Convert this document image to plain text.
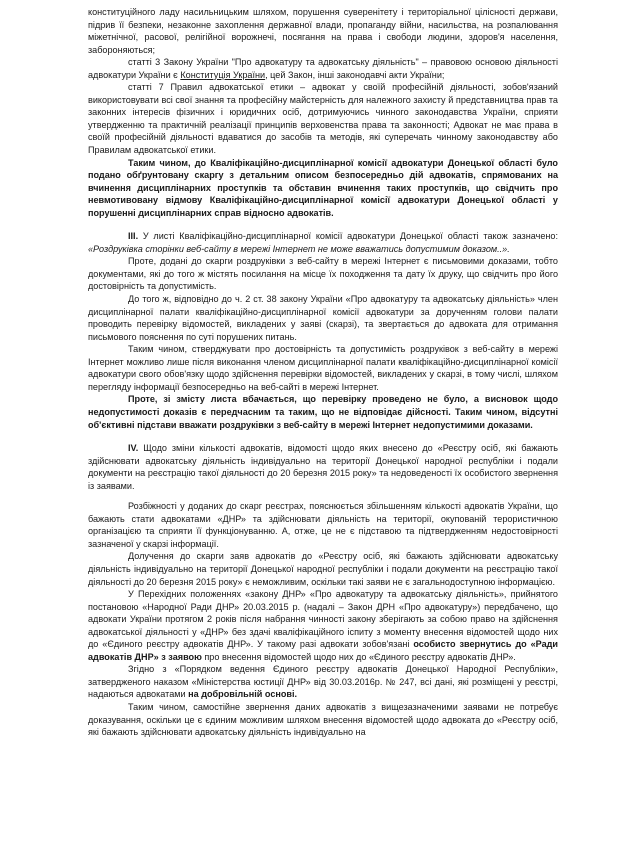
конституційного ладу насильницьким шляхом, порушення суверенітету і територіальної цілісності держави, підрив її безпеки, незаконне захоплення державної влади, пропаганду війни, насильства, на розпалювання міжетнічної, расової, релігійної ворожнечі, посягання на права і свободи людини, здоров'я населення, забороняються;

статті 3 Закону України "Про адвокатуру та адвокатську діяльність" – правовою основою діяльності адвокатури України є Конституція України, цей Закон, інші законодавчі акти України;

статті 7 Правил адвокатської етики – адвокат у своїй професійній діяльності, зобов'язаний використовувати всі свої знання та професійну майстерність для належного захисту й представництва прав та законних інтересів фізичних і юридичних осіб, дотримуючись чинного законодавства України, сприяти утвердженню та практичній реалізації принципів верховенства права та законності; Адвокат не має права в своїй професійній діяльності вдаватися до засобів та методів, які суперечать чинному законодавству або Правилам адвокатської етики.

Таким чином, до Кваліфікаційно-дисциплінарної комісії адвокатури Донецької області було подано обґрунтовану скаргу з детальним описом безпосередньо дій адвокатів, спрямованих на вчинення дисциплінарних проступків та обставин вчинення таких проступків, що свідчить про невмотивовану відмову Кваліфікаційно-дисциплінарної комісії адвокатури Донецької області у порушенні дисциплінарних справ відносно адвокатів.

ІІІ. У листі Кваліфікаційно-дисциплінарної комісії адвокатури Донецької області також зазначено: «Роздруківка сторінки веб-сайту в мережі Інтернет не може вважатись допустимим доказом..».

Проте, додані до скарги роздруківки з веб-сайту в мережі Інтернет є письмовими доказами, тобто документами, які до того ж містять посилання на місце їх походження та дату їх друку, що свідчить про його достовірність та допустимість.

До того ж, відповідно до ч. 2 ст. 38 закону України «Про адвокатуру та адвокатську діяльність» член дисциплінарної палати кваліфікаційно-дисциплінарної комісії адвокатури за дорученням голови палати проводить перевірку відомостей, викладених у заяві (скарзі), та звертається до адвоката для отримання письмового пояснення по суті порушених питань.

Таким чином, стверджувати про достовірність та допустимість роздруківок з веб-сайту в мережі Інтернет можливо лише після виконання членом дисциплінарної палати кваліфікаційно-дисциплінарної комісії адвокатури свого обов'язку щодо здійснення перевірки відомостей, викладених у скарзі, в тому числі, шляхом перегляду інформації безпосередньо на веб-сайті в мережі Інтернет.

Проте, зі змісту листа вбачається, що перевірку проведено не було, а висновок щодо недопустимості доказів є передчасним та таким, що не відповідає дійсності. Таким чином, відсутні об'єктивні підстави вважати роздруківки з веб-сайту в мережі Інтернет недопустимими доказами.

IV. Щодо зміни кількості адвокатів, відомості щодо яких внесено до «Реєстру осіб, які бажають здійснювати адвокатську діяльність індивідуально на території Донецької народної республіки і подали документи на реєстрацію такої діяльності до 20 березня 2015 року» та недоведеності їх особистого звернення із заявами.

Розбіжності у доданих до скарг реєстрах, пояснюється збільшенням кількості адвокатів України, що бажають стати адвокатами «ДНР» та здійснювати діяльність на території, окупованій терористичною організацією та сприяти її функціонуванню. А, отже, це не є підставою та підтвердженням недостовірності зазначеної у скарзі інформації.

Долучення до скарги заяв адвокатів до «Реєстру осіб, які бажають здійснювати адвокатську діяльність індивідуально на території Донецької народної республіки і подали документи на реєстрацію такої діяльності до 20 березня 2015 року» є неможливим, оскільки такі заяви не є загальнодоступною інформацією.

У Перехідних положеннях «закону ДНР» «Про адвокатуру та адвокатську діяльність», прийнятого постановою «Народної Ради ДНР» 20.03.2015 р. (надалі – Закон ДРН «Про адвокатуру») передбачено, що адвокати України протягом 2 років після набрання чинності закону зберігають за собою право на здійснення адвокатської діяльності у «ДНР» без здачі кваліфікаційного іспиту з моменту внесення відомостей щодо них до «Єдиного реєстру адвокатів ДНР». У такому разі адвокати зобов'язані особисто звернутись до «Ради адвокатів ДНР» з заявою про внесення відомостей щодо них до «Єдиного реєстру адвокатів ДНР».

Згідно з «Порядком ведення Єдиного реєстру адвокатів Донецької Народної Республіки», затвердженого наказом «Міністерства юстиції ДНР» від 30.03.2016р. № 247, всі дані, які розміщені у реєстрі, надаються адвокатами на добровільній основі.

Таким чином, самостійне звернення даних адвокатів з вищезазначеними заявами не потребує доказування, оскільки це є єдиним можливим шляхом внесення відомостей щодо адвоката до «Реєстру осіб, які бажають здійснювати адвокатську діяльність індивідуально на
